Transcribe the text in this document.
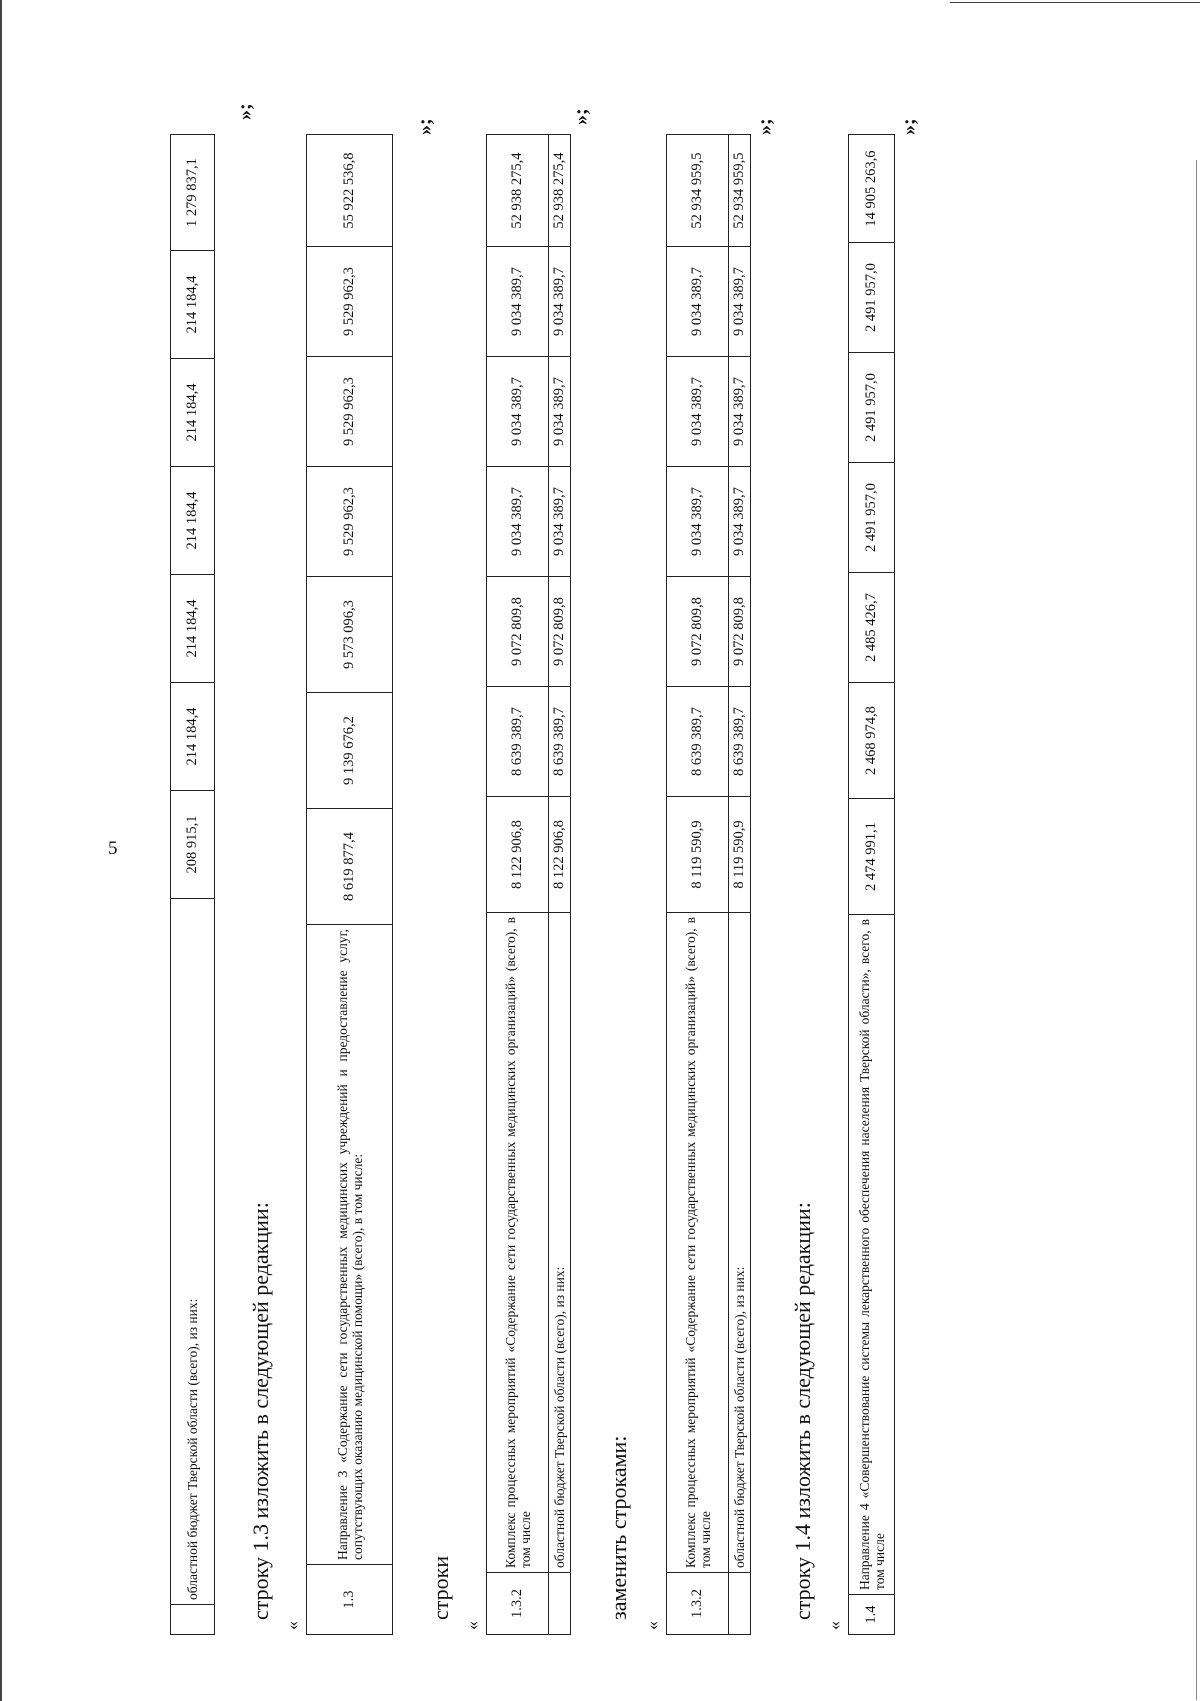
5
	областной бюджет Тверской области (всего), из них:	208 915,1	214 184,4	214 184,4	214 184,4	214 184,4	214 184,4	1 279 837,1
»;
строку 1.3 изложить в следующей редакции:
«
1.3	Направление 3 «Содержание сети государственных медицинских учреждений и предоставление услуг, сопутствующих оказанию медицинской помощи» (всего), в том числе:	8 619 877,4	9 139 676,2	9 573 096,3	9 529 962,3	9 529 962,3	9 529 962,3	55 922 536,8
»;
строки
«
1.3.2	Комплекс процессных мероприятий «Содержание сети государственных медицинских организаций» (всего), в том числе	8 122 906,8	8 639 389,7	9 072 809,8	9 034 389,7	9 034 389,7	9 034 389,7	52 938 275,4
	областной бюджет Тверской области (всего), из них:	8 122 906,8	8 639 389,7	9 072 809,8	9 034 389,7	9 034 389,7	9 034 389,7	52 938 275,4
»;
заменить строками:
«
1.3.2	Комплекс процессных мероприятий «Содержание сети государственных медицинских организаций» (всего), в том числе	8 119 590,9	8 639 389,7	9 072 809,8	9 034 389,7	9 034 389,7	9 034 389,7	52 934 959,5
	областной бюджет Тверской области (всего), из них:	8 119 590,9	8 639 389,7	9 072 809,8	9 034 389,7	9 034 389,7	9 034 389,7	52 934 959,5
»;
строку 1.4 изложить в следующей редакции:
«
1.4	Направление 4 «Совершенствование системы лекарственного обеспечения населения Тверской области», всего, в том числе	2 474 991,1	2 468 974,8	2 485 426,7	2 491 957,0	2 491 957,0	2 491 957,0	14 905 263,6
»;
